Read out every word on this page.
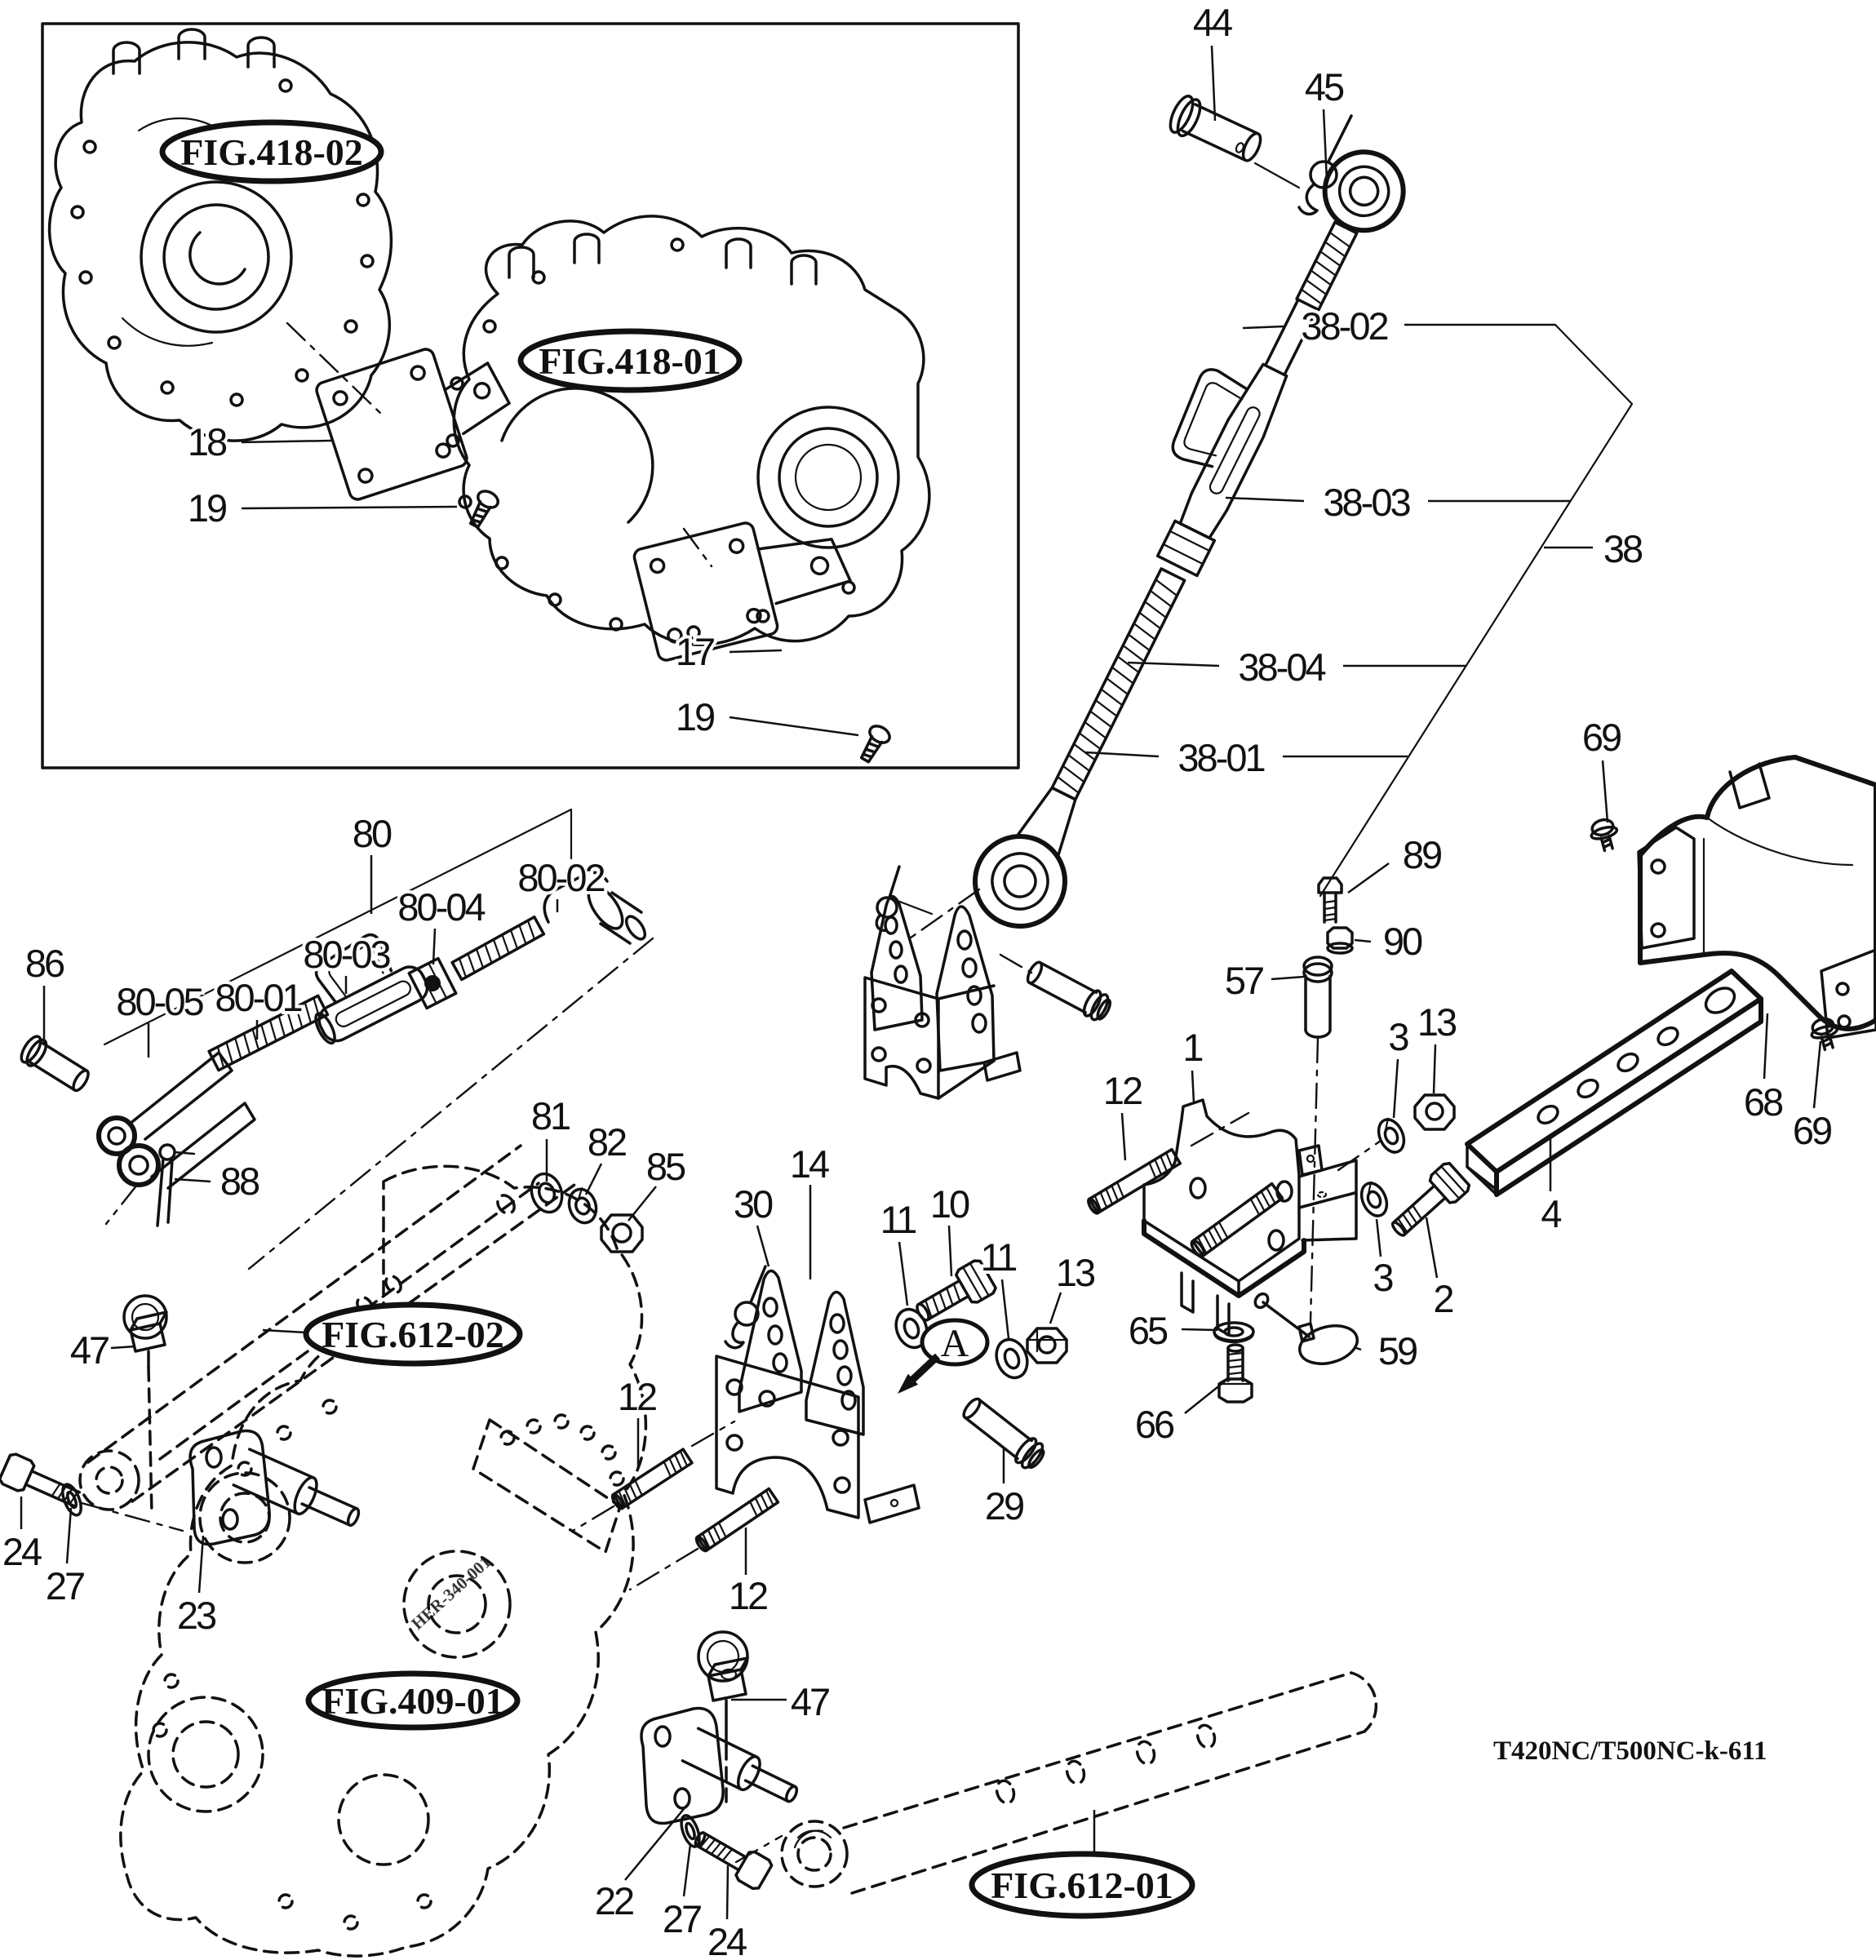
HER-340-001
T420NC/T500NC-k-611
FIG.418-02
FIG.418-01
FIG.612-02
FIG.409-01
FIG.612-01
A
18
19
17
19
44
45
38-02
38-03
38
38-04
38-01	69
89
90
57
1
12
3 13
4
2
3
59
65
66
68
69
80
80-02
80-04
80-03
80-01
80-05
86
88
81
82
85
30
14
11 10
11 13
29
12
12
47
24
27
23
47
22 27
24
